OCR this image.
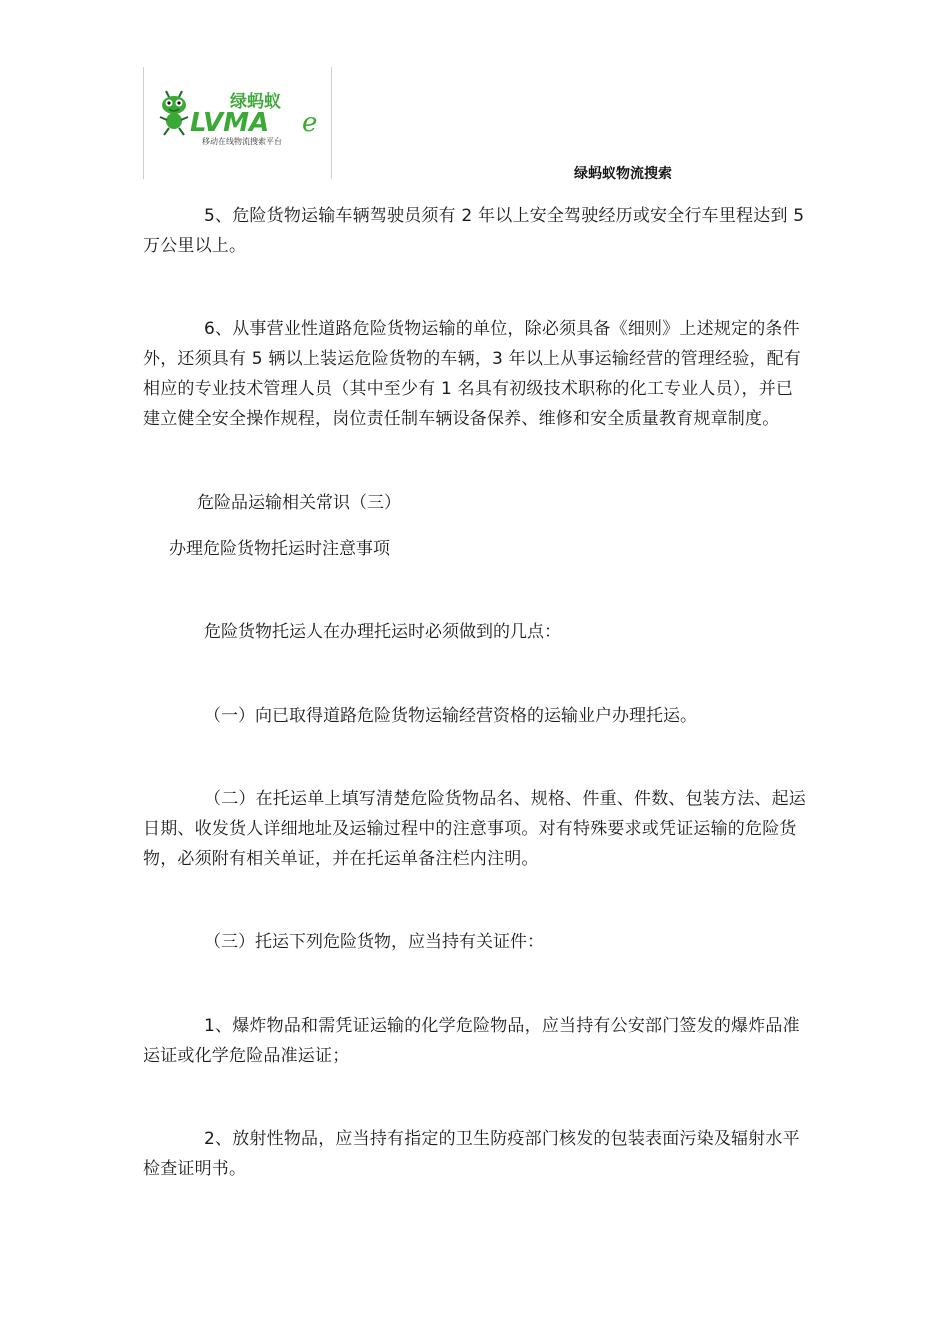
绿蚂蚁
LVMA e
移动在线物流搜索平台
绿蚂蚁物流搜索

5、危险货物运输车辆驾驶员须有 2 年以上安全驾驶经历或安全行车里程达到 5 万公里以上。

6、从事营业性道路危险货物运输的单位，除必须具备《细则》上述规定的条件外，还须具有 5 辆以上装运危险货物的车辆，3 年以上从事运输经营的管理经验，配有相应的专业技术管理人员（其中至少有 1 名具有初级技术职称的化工专业人员），并已建立健全安全操作规程，岗位责任制车辆设备保养、维修和安全质量教育规章制度。

危险品运输相关常识（三）

办理危险货物托运时注意事项

危险货物托运人在办理托运时必须做到的几点：

（一）向已取得道路危险货物运输经营资格的运输业户办理托运。

（二）在托运单上填写清楚危险货物品名、规格、件重、件数、包装方法、起运日期、收发货人详细地址及运输过程中的注意事项。对有特殊要求或凭证运输的危险货物，必须附有相关单证，并在托运单备注栏内注明。

（三）托运下列危险货物，应当持有关证件：

1、爆炸物品和需凭证运输的化学危险物品，应当持有公安部门签发的爆炸品准运证或化学危险品准运证；

2、放射性物品，应当持有指定的卫生防疫部门核发的包装表面污染及辐射水平检查证明书。
